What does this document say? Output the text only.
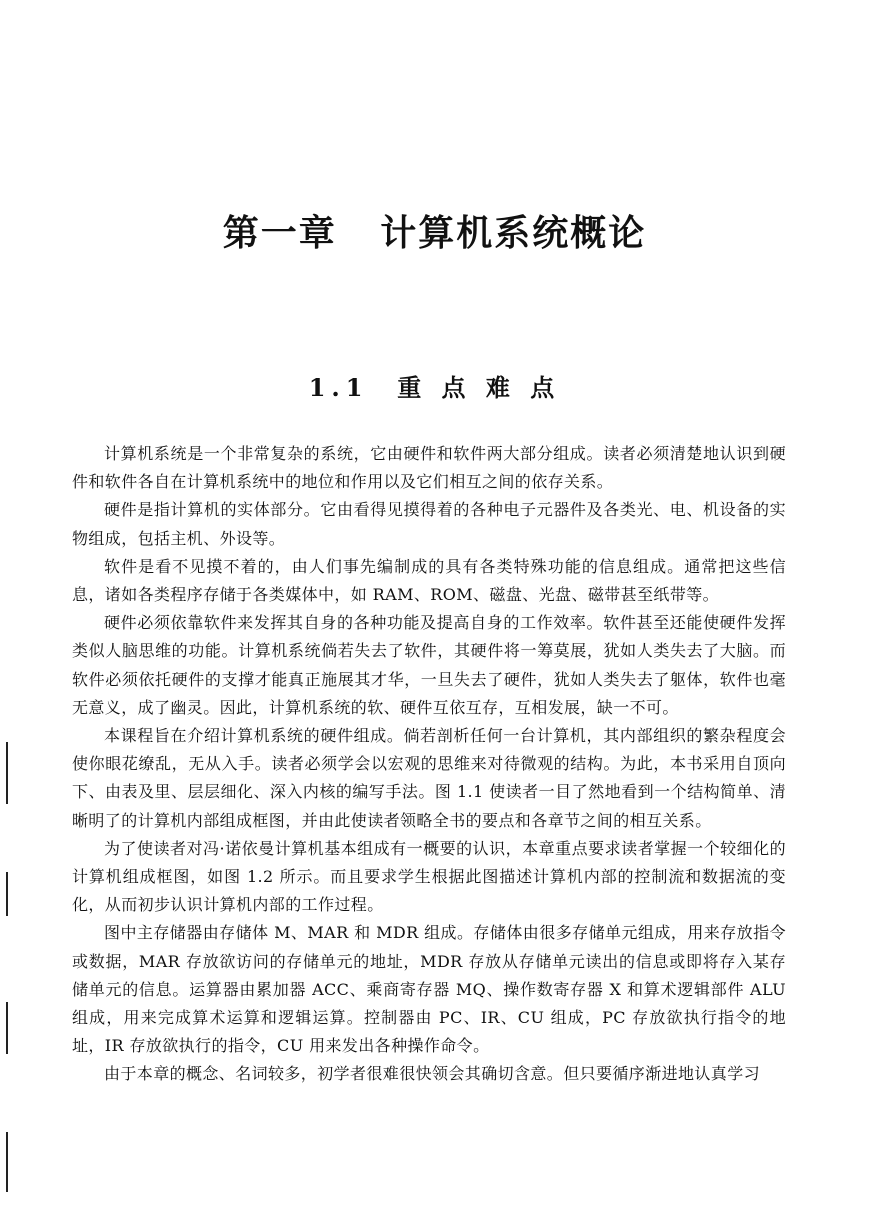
第一章   计算机系统概论
1.1  重 点 难 点

计算机系统是一个非常复杂的系统，它由硬件和软件两大部分组成。读者必须清楚地认识到硬件和软件各自在计算机系统中的地位和作用以及它们相互之间的依存关系。

硬件是指计算机的实体部分。它由看得见摸得着的各种电子元器件及各类光、电、机设备的实物组成，包括主机、外设等。

软件是看不见摸不着的，由人们事先编制成的具有各类特殊功能的信息组成。通常把这些信息，诸如各类程序存储于各类媒体中，如 RAM、ROM、磁盘、光盘、磁带甚至纸带等。

硬件必须依靠软件来发挥其自身的各种功能及提高自身的工作效率。软件甚至还能使硬件发挥类似人脑思维的功能。计算机系统倘若失去了软件，其硬件将一筹莫展，犹如人类失去了大脑。而软件必须依托硬件的支撑才能真正施展其才华，一旦失去了硬件，犹如人类失去了躯体，软件也毫无意义，成了幽灵。因此，计算机系统的软、硬件互依互存，互相发展，缺一不可。

本课程旨在介绍计算机系统的硬件组成。倘若剖析任何一台计算机，其内部组织的繁杂程度会使你眼花缭乱，无从入手。读者必须学会以宏观的思维来对待微观的结构。为此，本书采用自顶向下、由表及里、层层细化、深入内核的编写手法。图 1.1 使读者一目了然地看到一个结构简单、清晰明了的计算机内部组成框图，并由此使读者领略全书的要点和各章节之间的相互关系。

为了使读者对冯·诺依曼计算机基本组成有一概要的认识，本章重点要求读者掌握一个较细化的计算机组成框图，如图 1.2 所示。而且要求学生根据此图描述计算机内部的控制流和数据流的变化，从而初步认识计算机内部的工作过程。

图中主存储器由存储体 M、MAR 和 MDR 组成。存储体由很多存储单元组成，用来存放指令或数据，MAR 存放欲访问的存储单元的地址，MDR 存放从存储单元读出的信息或即将存入某存储单元的信息。运算器由累加器 ACC、乘商寄存器 MQ、操作数寄存器 X 和算术逻辑部件 ALU 组成，用来完成算术运算和逻辑运算。控制器由 PC、IR、CU 组成，PC 存放欲执行指令的地址，IR 存放欲执行的指令，CU 用来发出各种操作命令。

由于本章的概念、名词较多，初学者很难很快领会其确切含意。但只要循序渐进地认真学习
